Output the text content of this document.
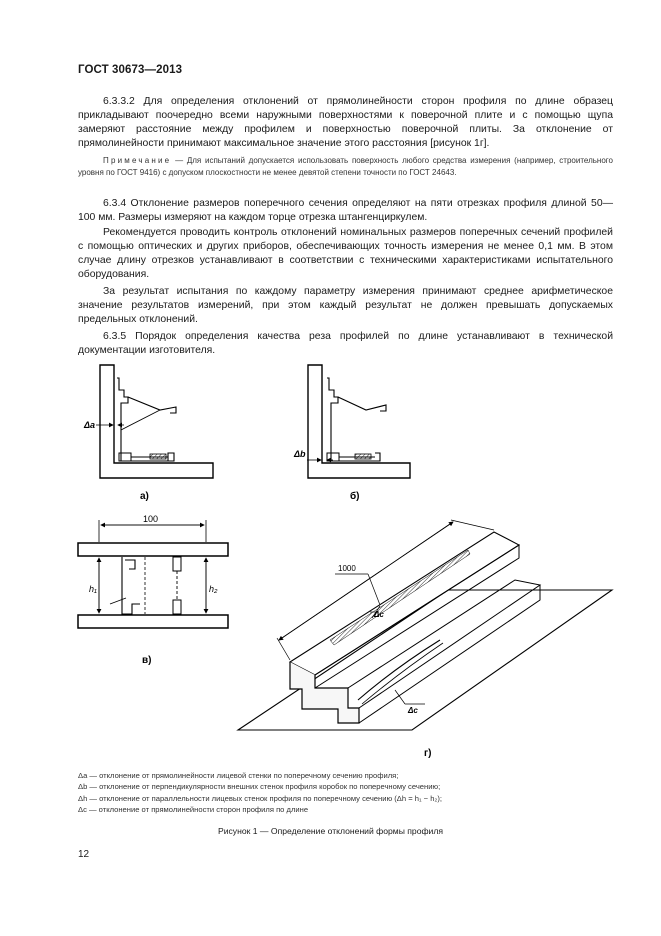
ГОСТ 30673—2013
6.3.3.2 Для определения отклонений от прямолинейности сторон профиля по длине образец прикладывают поочередно всеми наружными поверхностями к поверочной плите и с помощью щупа замеряют расстояние между профилем и поверхностью поверочной плиты. За отклонение от прямолинейности принимают максимальное значение этого расстояния [рисунок 1г].
Примечание — Для испытаний допускается использовать поверхность любого средства измерения (например, строительного уровня по ГОСТ 9416) с допуском плоскостности не менее девятой степени точности по ГОСТ 24643.
6.3.4 Отклонение размеров поперечного сечения определяют на пяти отрезках профиля длиной 50—100 мм. Размеры измеряют на каждом торце отрезка штангенциркулем.
Рекомендуется проводить контроль отклонений номинальных размеров поперечных сечений профилей с помощью оптических и других приборов, обеспечивающих точность измерения не менее 0,1 мм. В этом случае длину отрезков устанавливают в соответствии с техническими характеристиками испытательного оборудования.
За результат испытания по каждому параметру измерения принимают среднее арифметическое значение результатов измерений, при этом каждый результат не должен превышать допускаемых предельных отклонений.
6.3.5 Порядок определения качества реза профилей по длине устанавливают в технической документации изготовителя.
Δa
а)
Δb
б)
100
h₁	h₂
в)
1000
Δc
Δc
г)
Δa — отклонение от прямолинейности лицевой стенки по поперечному сечению профиля;
Δb — отклонение от перпендикулярности внешних стенок профиля коробок по поперечному сечению;
Δh — отклонение от параллельности лицевых стенок профиля по поперечному сечению (Δh = h₁ − h₂);
Δc — отклонение от прямолинейности сторон профиля по длине
Рисунок 1 — Определение отклонений формы профиля
12
